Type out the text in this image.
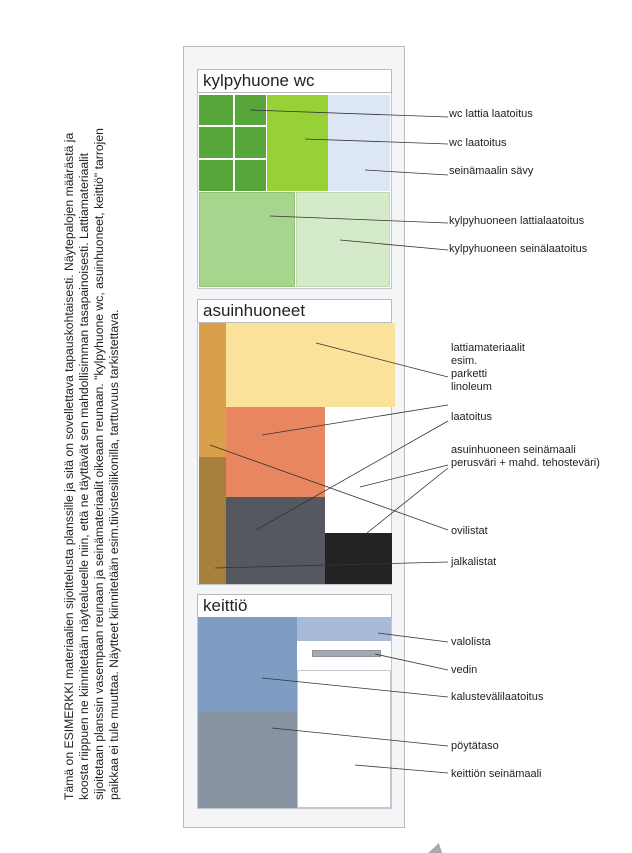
Tämä on ESIMERKKI materiaalien sijoittelusta planssille ja sitä on sovellettava tapauskohtaisesti. Näytepalojen määrästä ja koosta riippuen ne kiinnitetään näytealueelle niin, että ne täyttävät sen mahdollisimman tasapainoisesti. Lattiamateriaalit sijoitetaan planssin vasempaan reunaan ja seinämateriaalit oikeaan reunaan. "kylpyhuone wc, asuinhuoneet, keittiö" tarrojen paikkaa ei tule muuttaa. Näytteet kiinnitetään esim.tiivistesilikonilla, tarttuvuus tarkistettava.
kylpyhuone wc
asuinhuoneet
keittiö
wc lattia laatoitus
wc laatoitus
seinämaalin sävy
kylpyhuoneen lattialaatoitus
kylpyhuoneen seinälaatoitus
lattiamateriaalit
esim.
parketti
linoleum
laatoitus
asuinhuoneen seinämaali
perusväri + mahd. tehosteväri)
ovilistat
jalkalistat
valolista
vedin
kalustevälilaatoitus
pöytätaso
keittiön seinämaali
